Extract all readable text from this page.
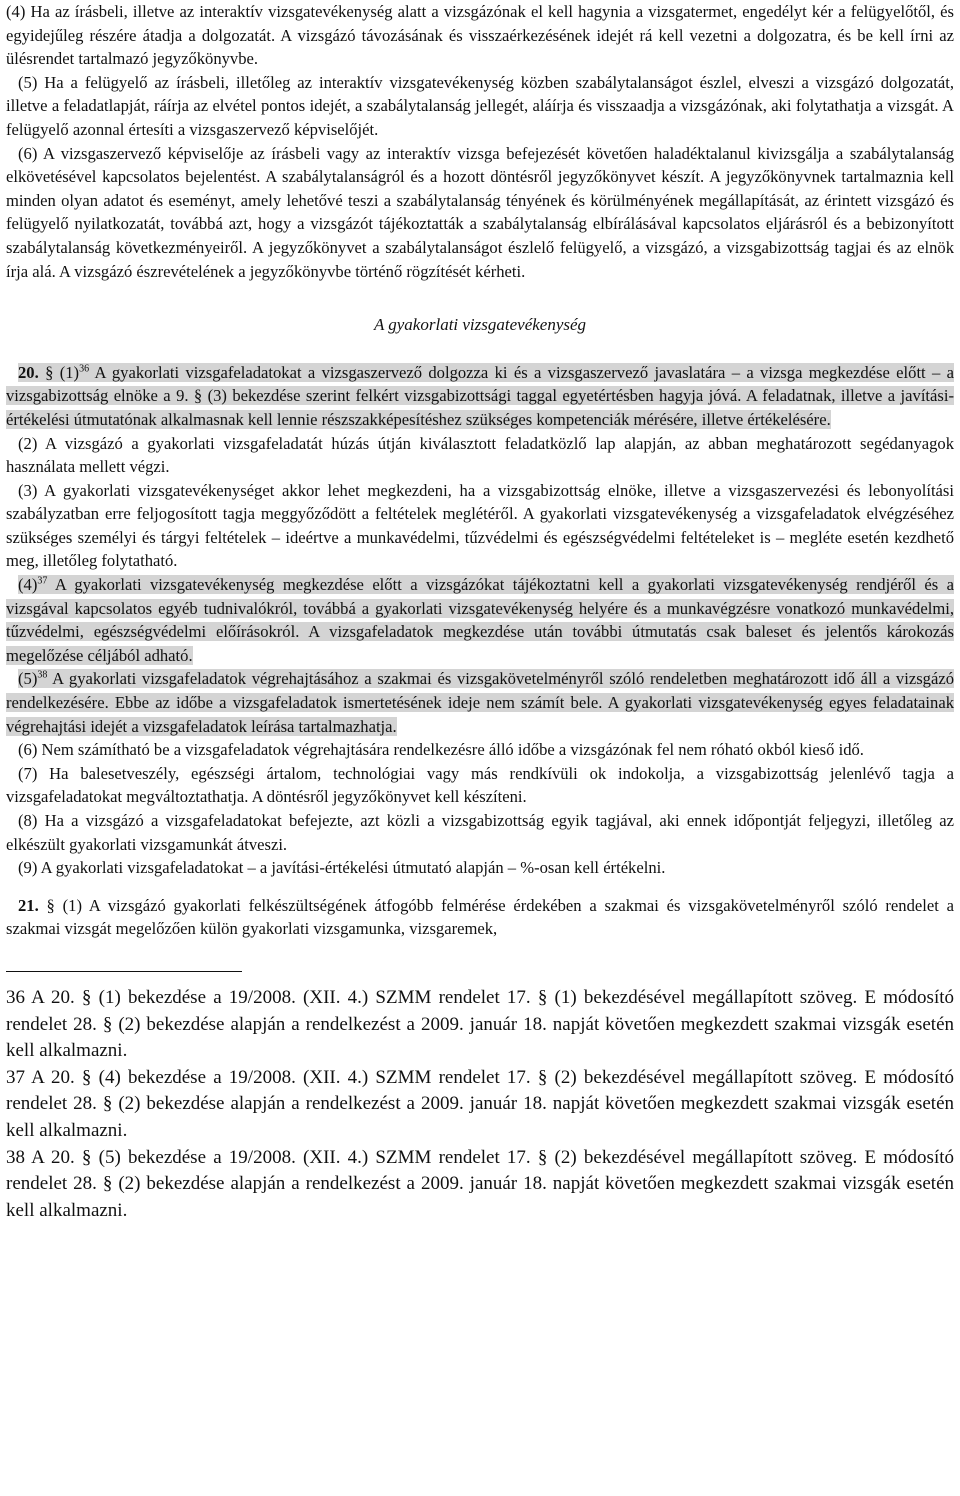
(4) Ha az írásbeli, illetve az interaktív vizsgatevékenység alatt a vizsgázónak el kell hagynia a vizsgatermet, engedélyt kér a felügyelőtől, és egyidejűleg részére átadja a dolgozatát. A vizsgázó távozásának és visszaérkezésének idejét rá kell vezetni a dolgozatra, és be kell írni az ülésrendet tartalmazó jegyzőkönyvbe.

(5) Ha a felügyelő az írásbeli, illetőleg az interaktív vizsgatevékenység közben szabálytalanságot észlel, elveszi a vizsgázó dolgozatát, illetve a feladatlapját, ráírja az elvétel pontos idejét, a szabálytalanság jellegét, aláírja és visszaadja a vizsgázónak, aki folytathatja a vizsgát. A felügyelő azonnal értesíti a vizsgaszervező képviselőjét.

(6) A vizsgaszervező képviselője az írásbeli vagy az interaktív vizsga befejezését követően haladéktalanul kivizsgálja a szabálytalanság elkövetésével kapcsolatos bejelentést. A szabálytalanságról és a hozott döntésről jegyzőkönyvet készít. A jegyzőkönyvnek tartalmaznia kell minden olyan adatot és eseményt, amely lehetővé teszi a szabálytalanság tényének és körülményének megállapítását, az érintett vizsgázó és felügyelő nyilatkozatát, továbbá azt, hogy a vizsgázót tájékoztatták a szabálytalanság elbírálásával kapcsolatos eljárásról és a bebizonyított szabálytalanság következményeiről. A jegyzőkönyvet a szabálytalanságot észlelő felügyelő, a vizsgázó, a vizsgabizottság tagjai és az elnök írja alá. A vizsgázó észrevételének a jegyzőkönyvbe történő rögzítését kérheti.

A gyakorlati vizsgatevékenység

20. § $(1)^{36}$ A gyakorlati vizsgafeladatokat a vizsgaszervező dolgozza ki és a vizsgaszervező javaslatára – a vizsga megkezdése előtt – a vizsgabizottság elnöke a 9. § (3) bekezdése szerint felkért vizsgabizottsági taggal egyetértésben hagyja jóvá. A feladatnak, illetve a javítási-értékelési útmutatónak alkalmasnak kell lennie részszakképesítéshez szükséges kompetenciák mérésére, illetve értékelésére.

(2) A vizsgázó a gyakorlati vizsgafeladatát húzás útján kiválasztott feladatközlő lap alapján, az abban meghatározott segédanyagok használata mellett végzi.

(3) A gyakorlati vizsgatevékenységet akkor lehet megkezdeni, ha a vizsgabizottság elnöke, illetve a vizsgaszervezési és lebonyolítási szabályzatban erre feljogosított tagja meggyőződött a feltételek meglétéről. A gyakorlati vizsgatevékenység a vizsgafeladatok elvégzéséhez szükséges személyi és tárgyi feltételek – ideértve a munkavédelmi, tűzvédelmi és egészségvédelmi feltételeket is – megléte esetén kezdhető meg, illetőleg folytatható.

$(4)^{37}$ A gyakorlati vizsgatevékenység megkezdése előtt a vizsgázókat tájékoztatni kell a gyakorlati vizsgatevékenység rendjéről és a vizsgával kapcsolatos egyéb tudnivalókról, továbbá a gyakorlati vizsgatevékenység helyére és a munkavégzésre vonatkozó munkavédelmi, tűzvédelmi, egészségvédelmi előírásokról. A vizsgafeladatok megkezdése után további útmutatás csak baleset és jelentős károkozás megelőzése céljából adható.

$(5)^{38}$ A gyakorlati vizsgafeladatok végrehajtásához a szakmai és vizsgakövetelményről szóló rendeletben meghatározott idő áll a vizsgázó rendelkezésére. Ebbe az időbe a vizsgafeladatok ismertetésének ideje nem számít bele. A gyakorlati vizsgatevékenység egyes feladatainak végrehajtási idejét a vizsgafeladatok leírása tartalmazhatja.

(6) Nem számítható be a vizsgafeladatok végrehajtására rendelkezésre álló időbe a vizsgázónak fel nem róható okból kieső idő.

(7) Ha balesetveszély, egészségi ártalom, technológiai vagy más rendkívüli ok indokolja, a vizsgabizottság jelenlévő tagja a vizsgafeladatokat megváltoztathatja. A döntésről jegyzőkönyvet kell készíteni.

(8) Ha a vizsgázó a vizsgafeladatokat befejezte, azt közli a vizsgabizottság egyik tagjával, aki ennek időpontját feljegyzi, illetőleg az elkészült gyakorlati vizsgamunkát átveszi.

(9) A gyakorlati vizsgafeladatokat – a javítási-értékelési útmutató alapján – %-osan kell értékelni.

21. § (1) A vizsgázó gyakorlati felkészültségének átfogóbb felmérése érdekében a szakmai és vizsgakövetelményről szóló rendelet a szakmai vizsgát megelőzően külön gyakorlati vizsgamunka, vizsgaremek,

36 A 20. § (1) bekezdése a 19/2008. (XII. 4.) SZMM rendelet 17. § (1) bekezdésével megállapított szöveg. E módosító rendelet 28. § (2) bekezdése alapján a rendelkezést a 2009. január 18. napját követően megkezdett szakmai vizsgák esetén kell alkalmazni.

37 A 20. § (4) bekezdése a 19/2008. (XII. 4.) SZMM rendelet 17. § (2) bekezdésével megállapított szöveg. E módosító rendelet 28. § (2) bekezdése alapján a rendelkezést a 2009. január 18. napját követően megkezdett szakmai vizsgák esetén kell alkalmazni.

38 A 20. § (5) bekezdése a 19/2008. (XII. 4.) SZMM rendelet 17. § (2) bekezdésével megállapított szöveg. E módosító rendelet 28. § (2) bekezdése alapján a rendelkezést a 2009. január 18. napját követően megkezdett szakmai vizsgák esetén kell alkalmazni.
